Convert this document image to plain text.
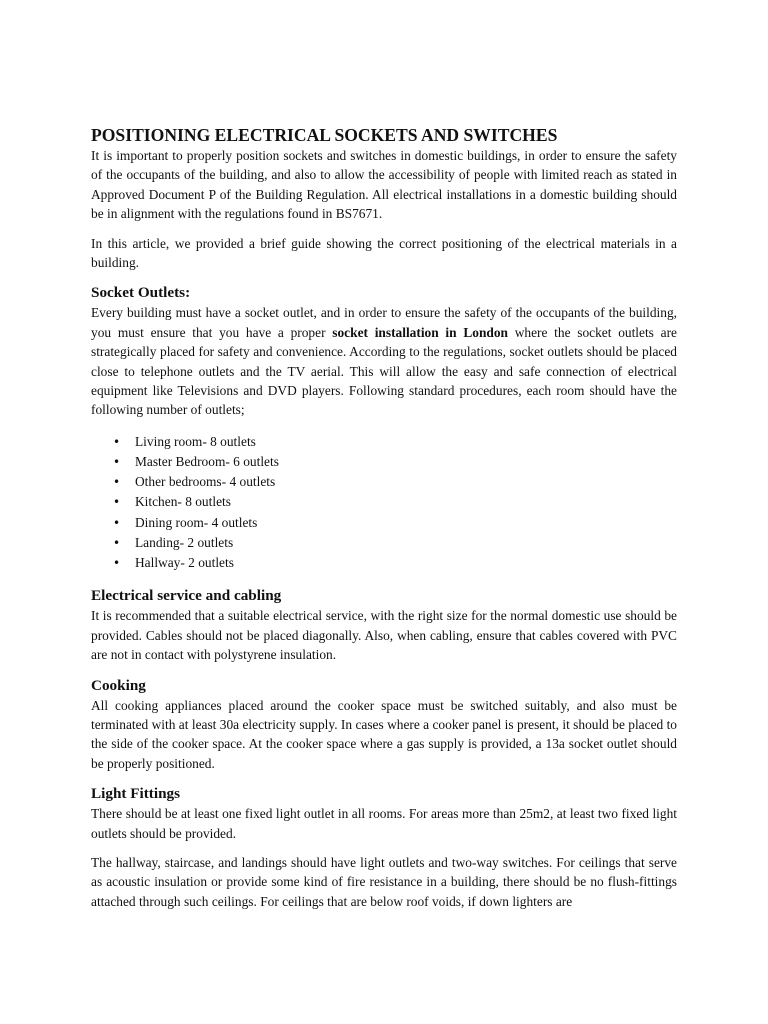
POSITIONING ELECTRICAL SOCKETS AND SWITCHES

It is important to properly position sockets and switches in domestic buildings, in order to ensure the safety of the occupants of the building, and also to allow the accessibility of people with limited reach as stated in Approved Document P of the Building Regulation. All electrical installations in a domestic building should be in alignment with the regulations found in BS7671.

In this article, we provided a brief guide showing the correct positioning of the electrical materials in a building.

Socket Outlets:

Every building must have a socket outlet, and in order to ensure the safety of the occupants of the building, you must ensure that you have a proper socket installation in London where the socket outlets are strategically placed for safety and convenience. According to the regulations, socket outlets should be placed close to telephone outlets and the TV aerial. This will allow the easy and safe connection of electrical equipment like Televisions and DVD players. Following standard procedures, each room should have the following number of outlets;

• Living room- 8 outlets
• Master Bedroom- 6 outlets
• Other bedrooms- 4 outlets
• Kitchen- 8 outlets
• Dining room- 4 outlets
• Landing- 2 outlets
• Hallway- 2 outlets
Electrical service and cabling

It is recommended that a suitable electrical service, with the right size for the normal domestic use should be provided. Cables should not be placed diagonally. Also, when cabling, ensure that cables covered with PVC are not in contact with polystyrene insulation.

Cooking

All cooking appliances placed around the cooker space must be switched suitably, and also must be terminated with at least 30a electricity supply. In cases where a cooker panel is present, it should be placed to the side of the cooker space. At the cooker space where a gas supply is provided, a 13a socket outlet should be properly positioned.

Light Fittings

There should be at least one fixed light outlet in all rooms. For areas more than 25m2, at least two fixed light outlets should be provided.

The hallway, staircase, and landings should have light outlets and two-way switches. For ceilings that serve as acoustic insulation or provide some kind of fire resistance in a building, there should be no flush-fittings attached through such ceilings. For ceilings that are below roof voids, if down lighters are
